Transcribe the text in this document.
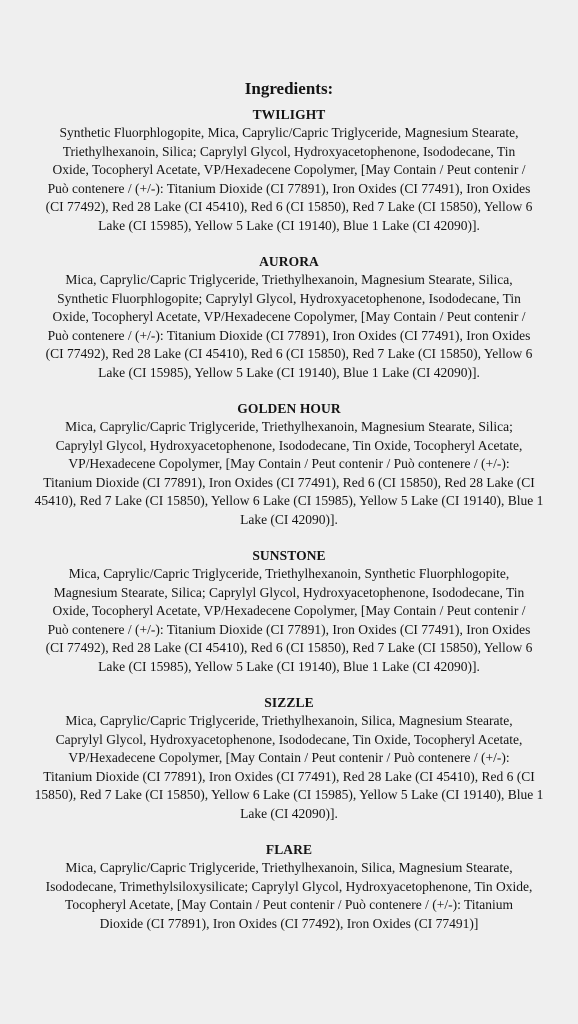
Ingredients:
TWILIGHT

Synthetic Fluorphlogopite, Mica, Caprylic/Capric Triglyceride, Magnesium Stearate,
Triethylhexanoin, Silica; Caprylyl Glycol, Hydroxyacetophenone, Isododecane, Tin
Oxide, Tocopheryl Acetate, VP/Hexadecene Copolymer, [May Contain / Peut contenir /
Può contenere / (+/-): Titanium Dioxide (CI 77891), Iron Oxides (CI 77491), Iron Oxides
(CI 77492), Red 28 Lake (CI 45410), Red 6 (CI 15850), Red 7 Lake (CI 15850), Yellow 6
Lake (CI 15985), Yellow 5 Lake (CI 19140), Blue 1 Lake (CI 42090)].

AURORA

Mica, Caprylic/Capric Triglyceride, Triethylhexanoin, Magnesium Stearate, Silica,
Synthetic Fluorphlogopite; Caprylyl Glycol, Hydroxyacetophenone, Isododecane, Tin
Oxide, Tocopheryl Acetate, VP/Hexadecene Copolymer, [May Contain / Peut contenir /
Può contenere / (+/-): Titanium Dioxide (CI 77891), Iron Oxides (CI 77491), Iron Oxides
(CI 77492), Red 28 Lake (CI 45410), Red 6 (CI 15850), Red 7 Lake (CI 15850), Yellow 6
Lake (CI 15985), Yellow 5 Lake (CI 19140), Blue 1 Lake (CI 42090)].

GOLDEN HOUR

Mica, Caprylic/Capric Triglyceride, Triethylhexanoin, Magnesium Stearate, Silica;
Caprylyl Glycol, Hydroxyacetophenone, Isododecane, Tin Oxide, Tocopheryl Acetate,
VP/Hexadecene Copolymer, [May Contain / Peut contenir / Può contenere / (+/-):
Titanium Dioxide (CI 77891), Iron Oxides (CI 77491), Red 6 (CI 15850), Red 28 Lake (CI
45410), Red 7 Lake (CI 15850), Yellow 6 Lake (CI 15985), Yellow 5 Lake (CI 19140), Blue 1
Lake (CI 42090)].

SUNSTONE

Mica, Caprylic/Capric Triglyceride, Triethylhexanoin, Synthetic Fluorphlogopite,
Magnesium Stearate, Silica; Caprylyl Glycol, Hydroxyacetophenone, Isododecane, Tin
Oxide, Tocopheryl Acetate, VP/Hexadecene Copolymer, [May Contain / Peut contenir /
Può contenere / (+/-): Titanium Dioxide (CI 77891), Iron Oxides (CI 77491), Iron Oxides
(CI 77492), Red 28 Lake (CI 45410), Red 6 (CI 15850), Red 7 Lake (CI 15850), Yellow 6
Lake (CI 15985), Yellow 5 Lake (CI 19140), Blue 1 Lake (CI 42090)].

SIZZLE

Mica, Caprylic/Capric Triglyceride, Triethylhexanoin, Silica, Magnesium Stearate,
Caprylyl Glycol, Hydroxyacetophenone, Isododecane, Tin Oxide, Tocopheryl Acetate,
VP/Hexadecene Copolymer, [May Contain / Peut contenir / Può contenere / (+/-):
Titanium Dioxide (CI 77891), Iron Oxides (CI 77491), Red 28 Lake (CI 45410), Red 6 (CI
15850), Red 7 Lake (CI 15850), Yellow 6 Lake (CI 15985), Yellow 5 Lake (CI 19140), Blue 1
Lake (CI 42090)].

FLARE

Mica, Caprylic/Capric Triglyceride, Triethylhexanoin, Silica, Magnesium Stearate,
Isododecane, Trimethylsiloxysilicate; Caprylyl Glycol, Hydroxyacetophenone, Tin Oxide,
Tocopheryl Acetate, [May Contain / Peut contenir / Può contenere / (+/-): Titanium
Dioxide (CI 77891), Iron Oxides (CI 77492), Iron Oxides (CI 77491)]
